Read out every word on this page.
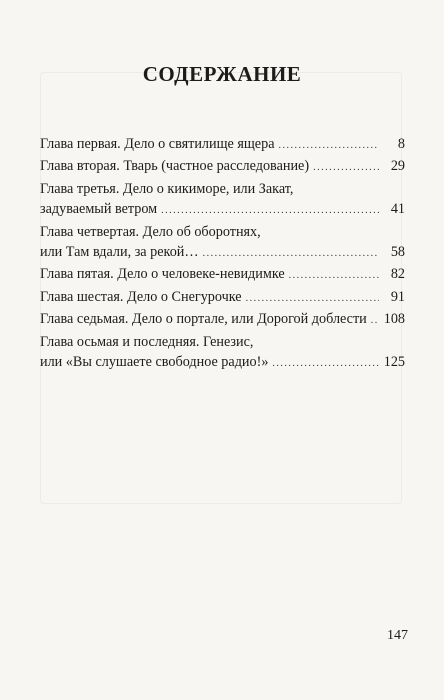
СОДЕРЖАНИЕ
Глава первая. Дело о святилище ящера .....	8
Глава вторая. Тварь (частное расследование) .....	29
Глава третья. Дело о кикиморе, или Закат,
задуваемый ветром .....	41
Глава четвертая. Дело об оборотнях,
или Там вдали, за рекой… .....	58
Глава пятая. Дело о человеке-невидимке .....	82
Глава шестая. Дело о Снегурочке .....	91
Глава седьмая. Дело о портале, или Дорогой доблести ..... 108
Глава осьмая и последняя. Генезис,
или «Вы слушаете свободное радио!» .....	125
147
